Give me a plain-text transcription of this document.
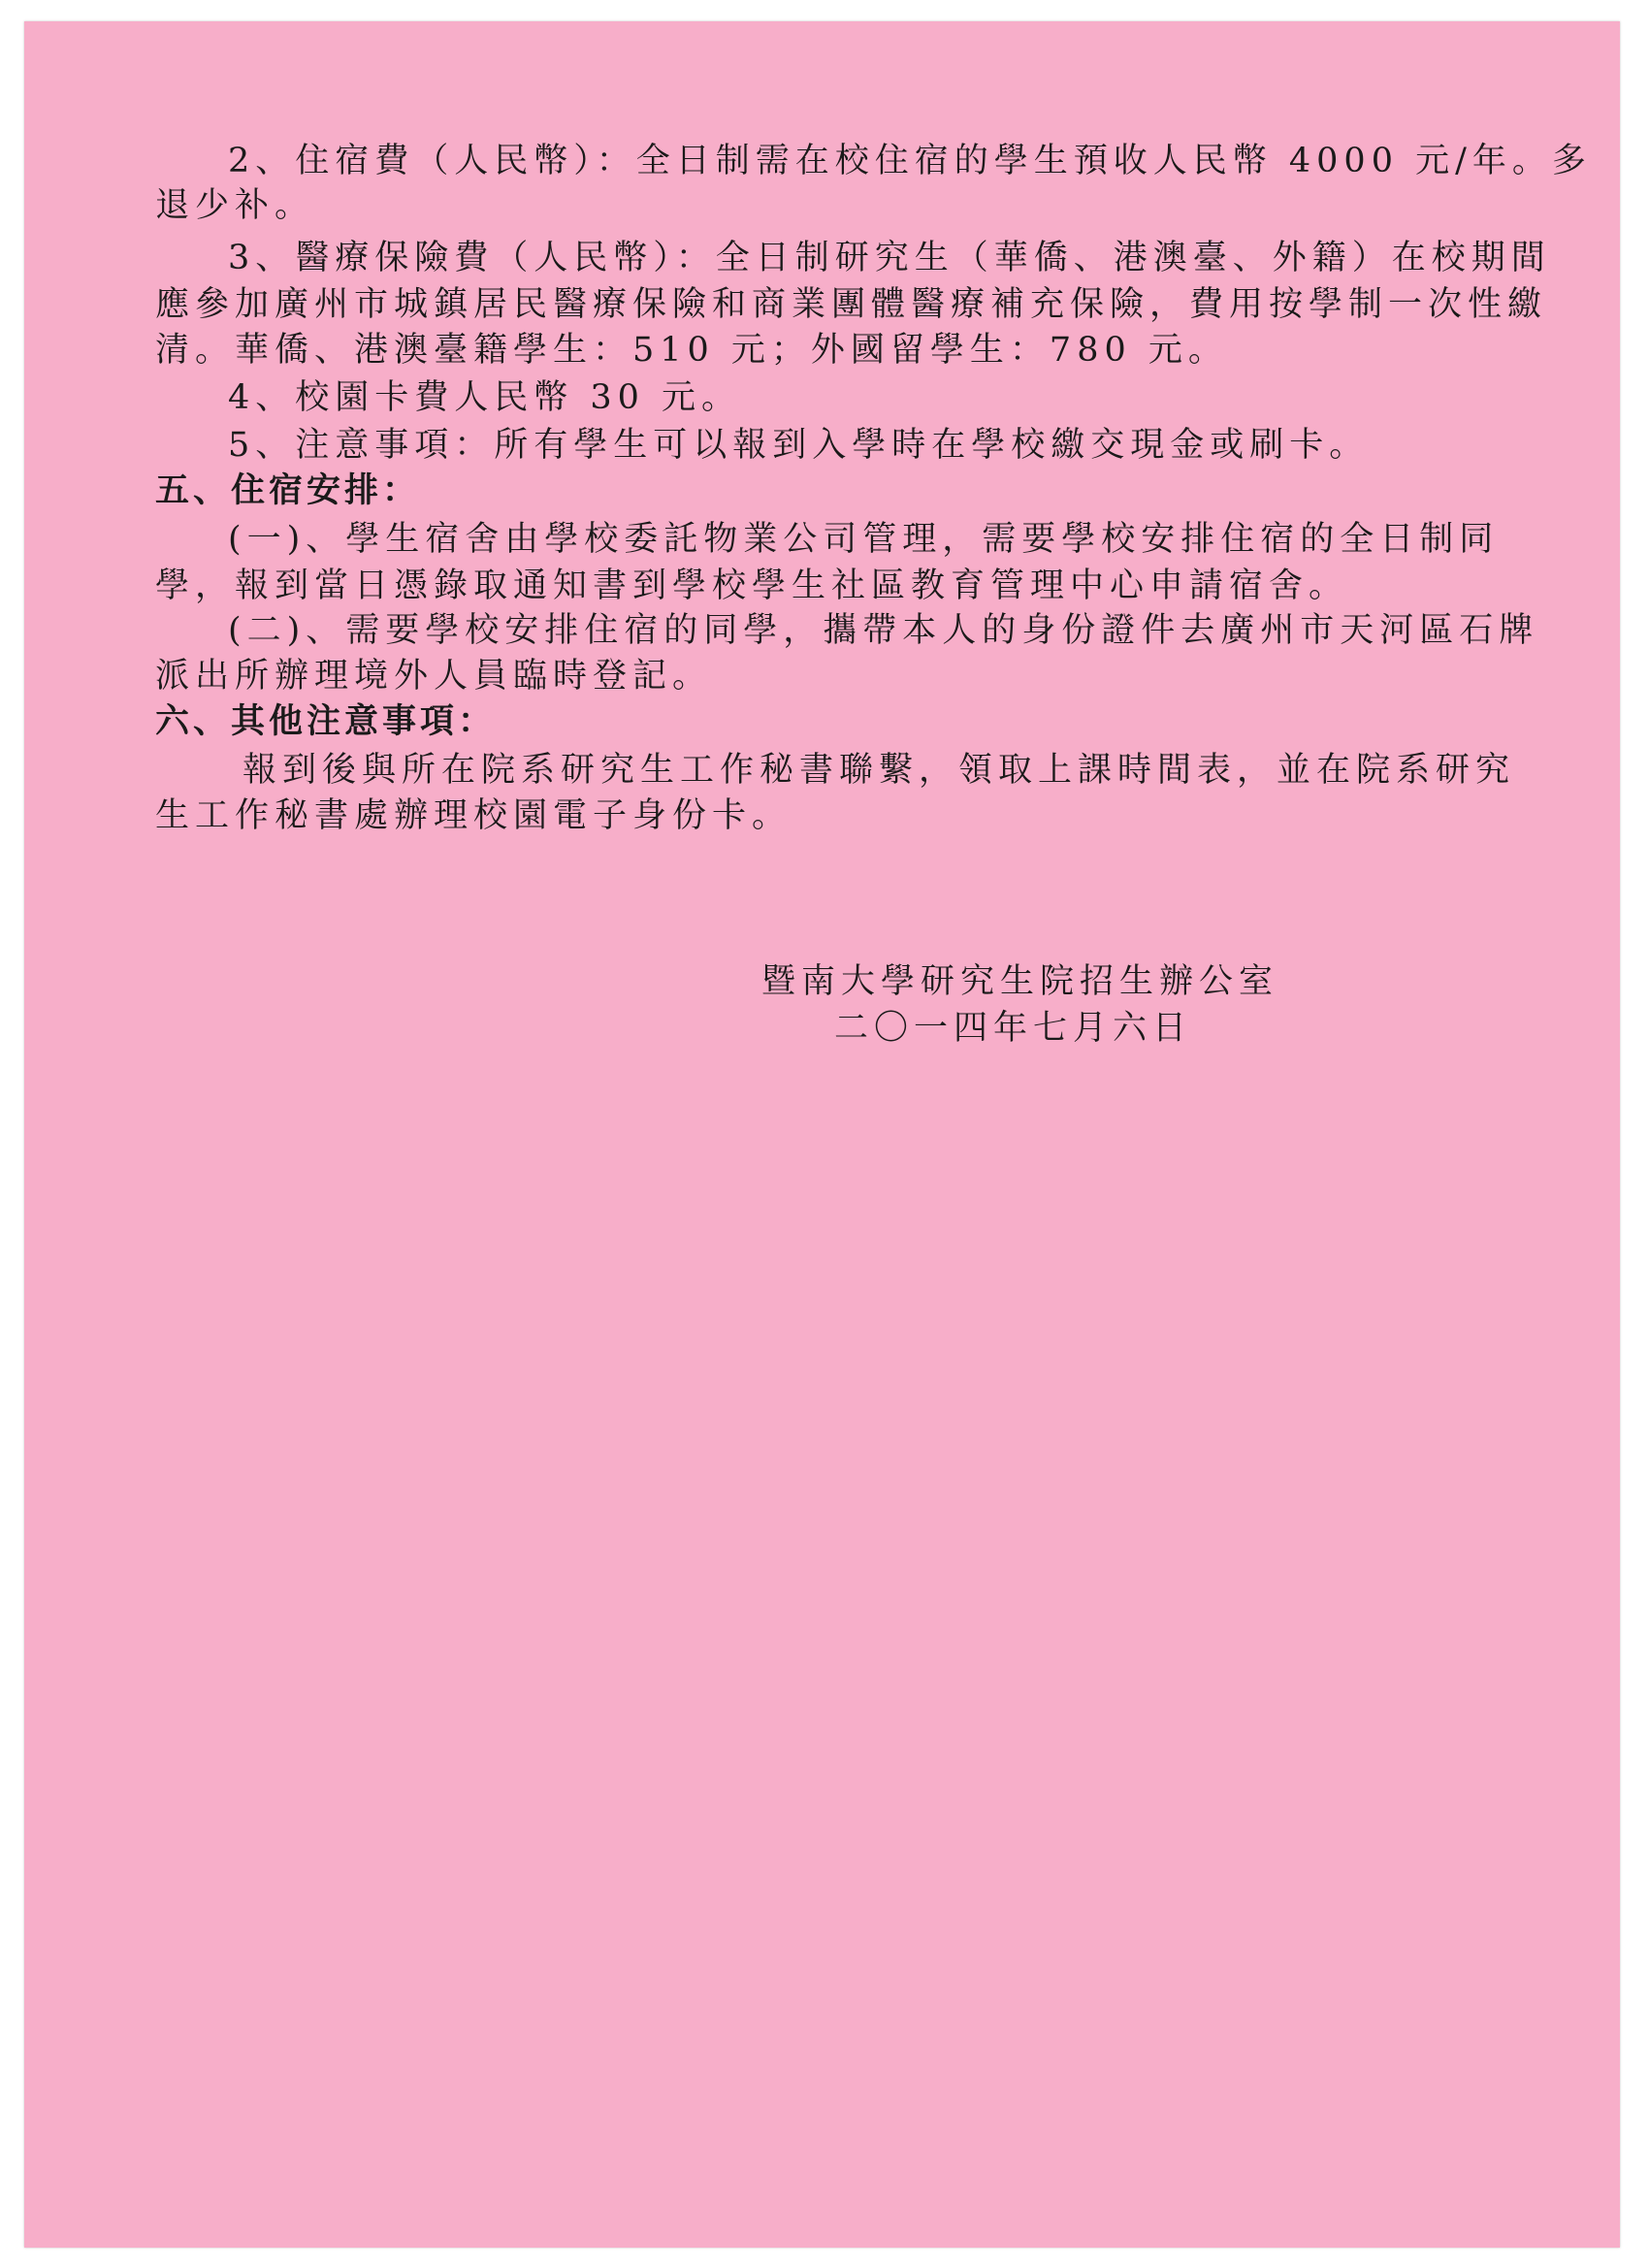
2、住宿費（人民幣）：全日制需在校住宿的學生預收人民幣 4000 元/年。多
退少补。
3、醫療保險費（人民幣）：全日制研究生（華僑、港澳臺、外籍）在校期間
應參加廣州市城鎮居民醫療保險和商業團體醫療補充保險，費用按學制一次性繳
清。華僑、港澳臺籍學生：510 元；外國留學生：780 元。
4、校園卡費人民幣 30 元。
5、注意事項：所有學生可以報到入學時在學校繳交現金或刷卡。
五、住宿安排：
(一)、學生宿舍由學校委託物業公司管理，需要學校安排住宿的全日制同
學，報到當日憑錄取通知書到學校學生社區教育管理中心申請宿舍。
(二)、需要學校安排住宿的同學，攜帶本人的身份證件去廣州市天河區石牌
派出所辦理境外人員臨時登記。
六、其他注意事項：
報到後與所在院系研究生工作秘書聯繫，領取上課時間表，並在院系研究
生工作秘書處辦理校園電子身份卡。
暨南大學研究生院招生辦公室
二〇一四年七月六日
